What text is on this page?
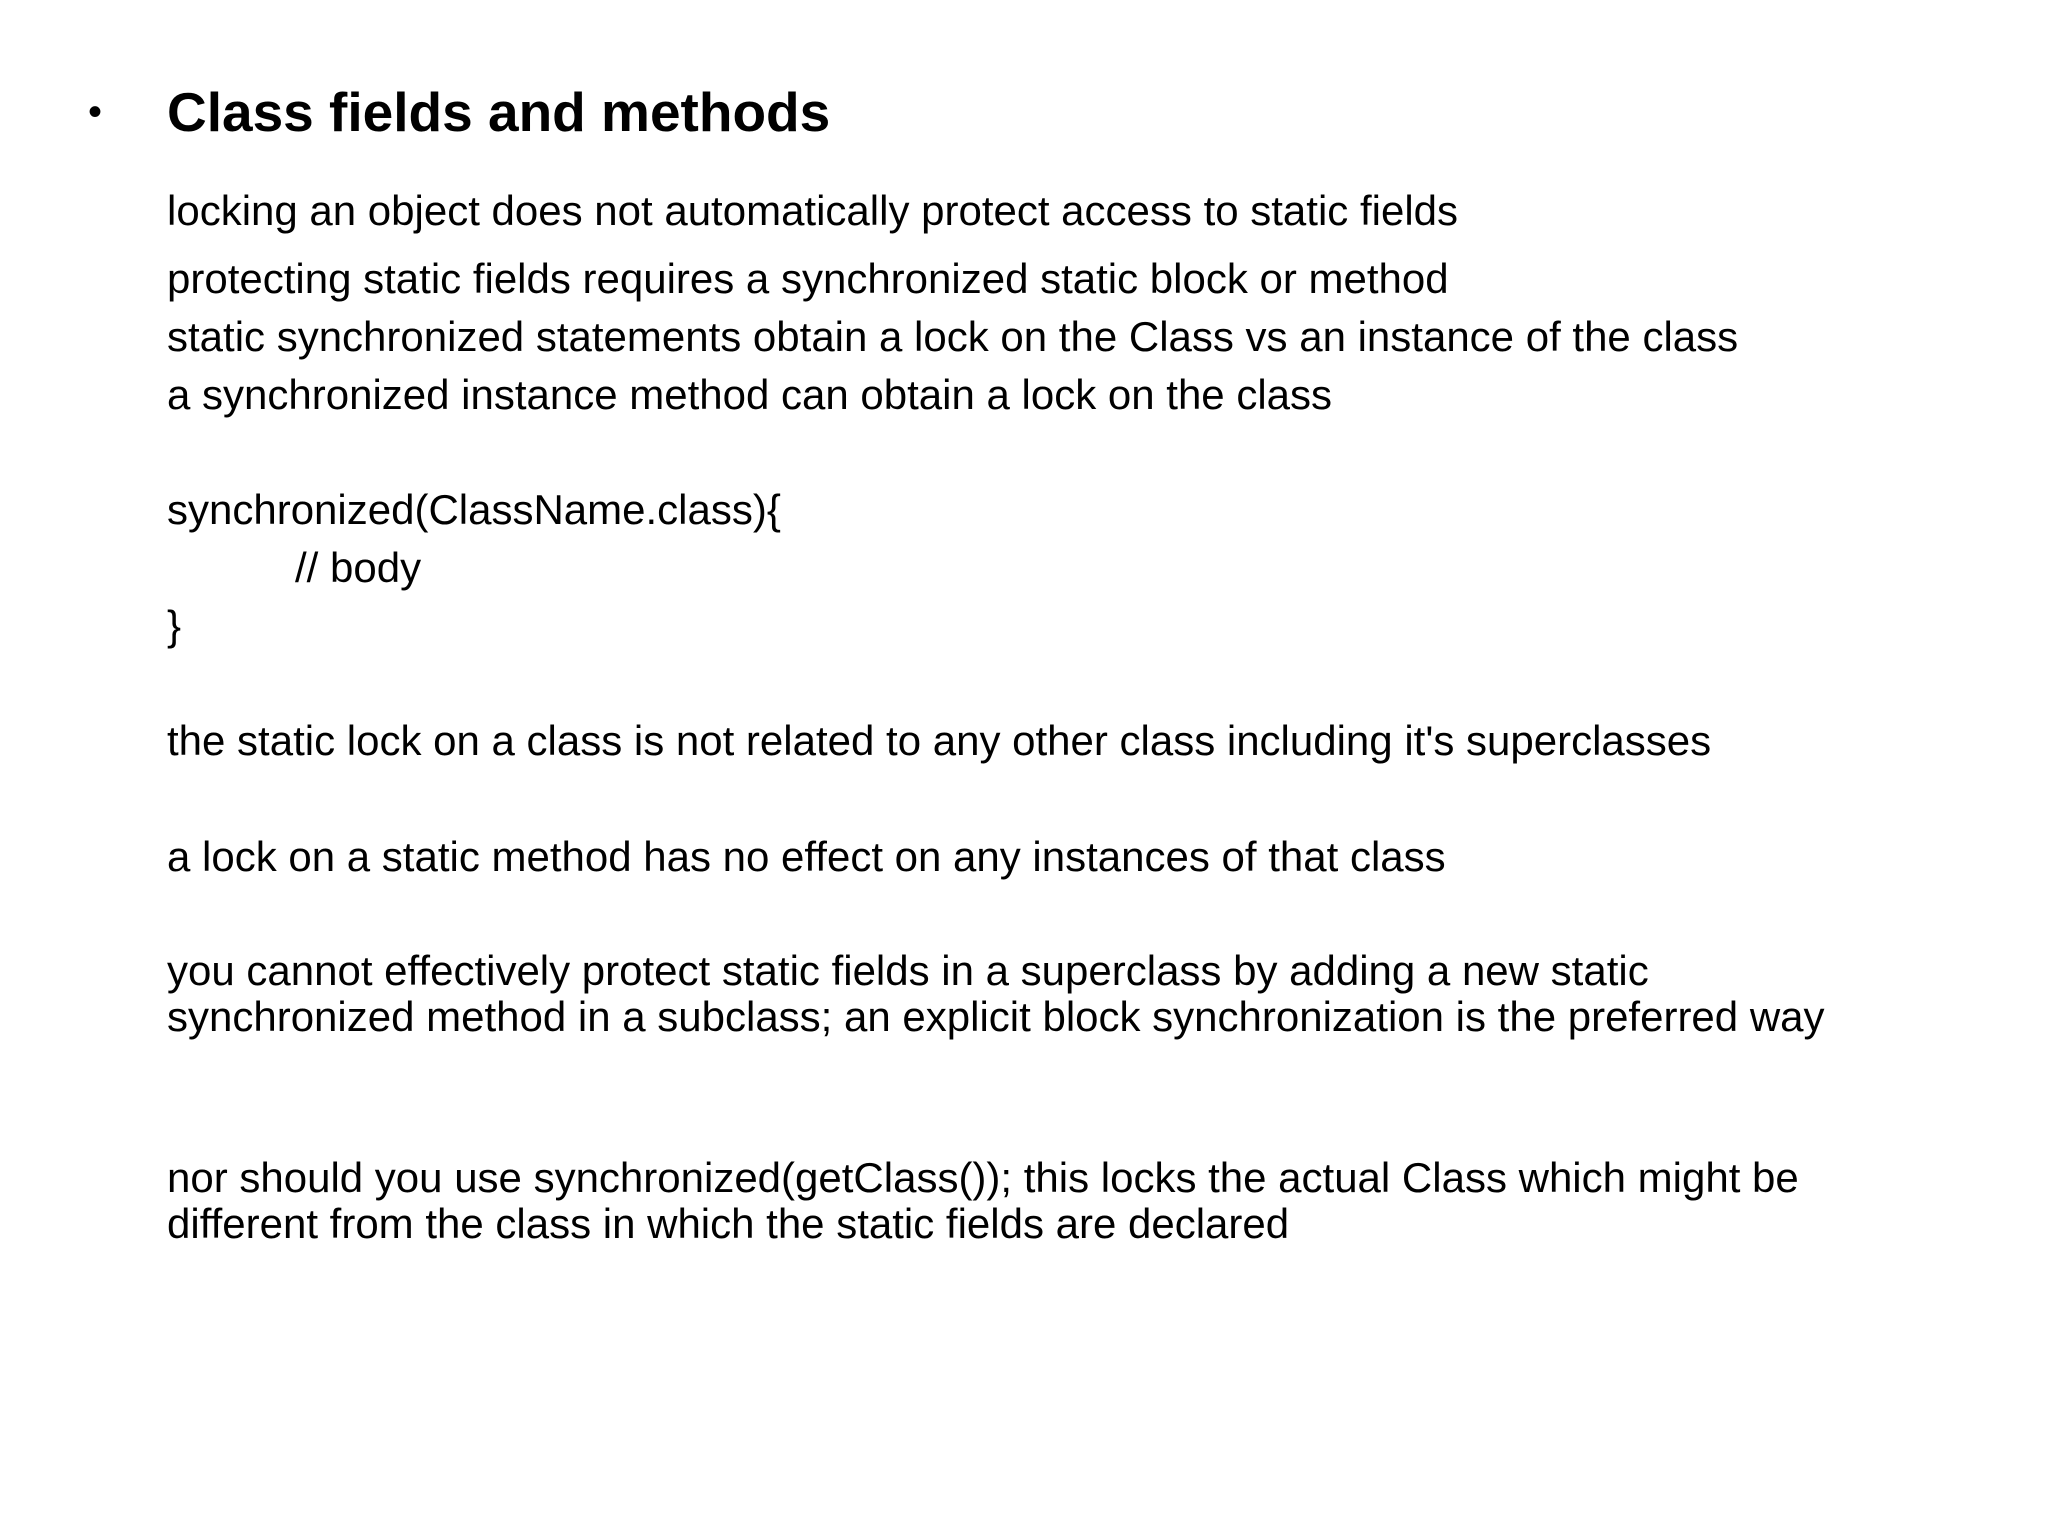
• Class fields and methods

locking an object does not automatically protect access to static fields

protecting static fields requires a synchronized static block or method

static synchronized statements obtain a lock on the Class vs an instance of the class

a synchronized instance method can obtain a lock on the class

synchronized(ClassName.class){

// body

}

the static lock on a class is not related to any other class including it's superclasses

a lock on a static method has no effect on any instances of that class

you cannot effectively protect static fields in a superclass by adding a new static synchronized method in a subclass; an explicit block synchronization is the preferred way

nor should you use synchronized(getClass()); this locks the actual Class which might be different from the class in which the static fields are declared
